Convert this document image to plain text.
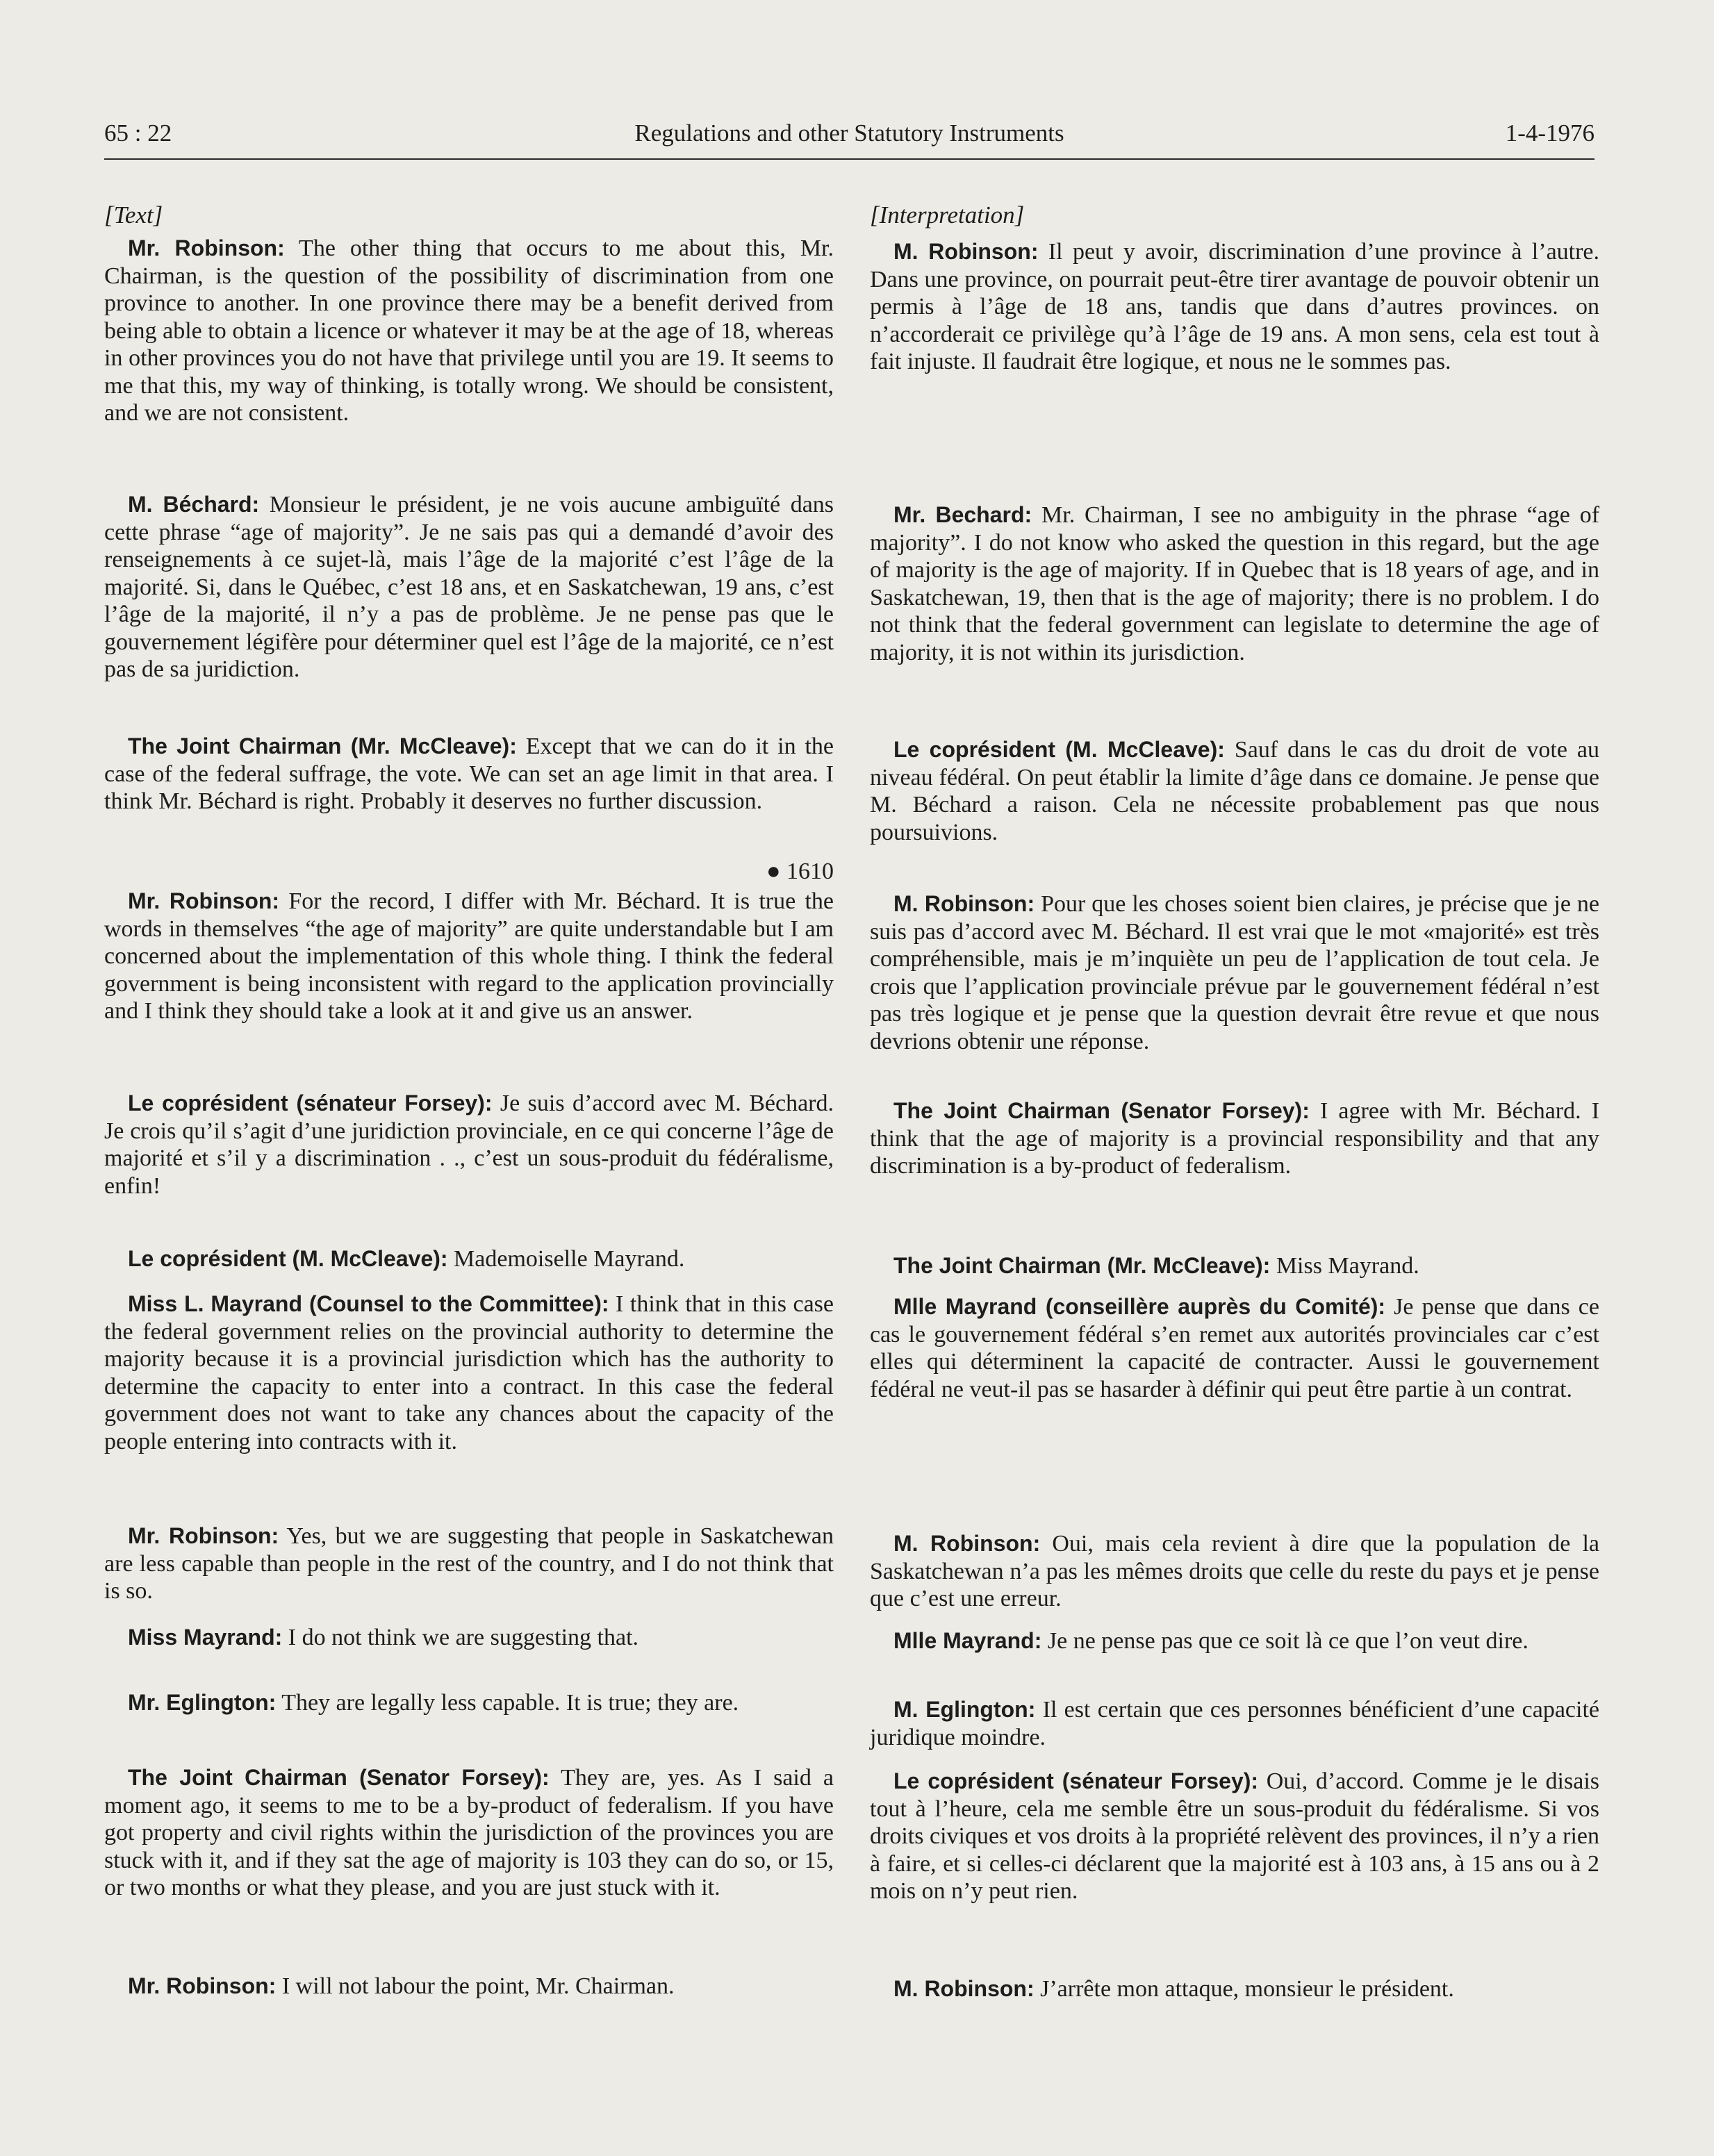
65 : 22	Regulations and other Statutory Instruments	1-4-1976
[Text]
Mr. Robinson: The other thing that occurs to me about this, Mr. Chairman, is the question of the possibility of discrimination from one province to another. In one province there may be a benefit derived from being able to obtain a licence or whatever it may be at the age of 18, whereas in other provinces you do not have that privilege until you are 19. It seems to me that this, my way of thinking, is totally wrong. We should be consistent, and we are not consistent.
M. Béchard: Monsieur le président, je ne vois aucune ambiguïté dans cette phrase “age of majority”. Je ne sais pas qui a demandé d’avoir des renseignements à ce sujet-là, mais l’âge de la majorité c’est l’âge de la majorité. Si, dans le Québec, c’est 18 ans, et en Saskatchewan, 19 ans, c’est l’âge de la majorité, il n’y a pas de problème. Je ne pense pas que le gouvernement légifère pour déterminer quel est l’âge de la majorité, ce n’est pas de sa juridiction.
The Joint Chairman (Mr. McCleave): Except that we can do it in the case of the federal suffrage, the vote. We can set an age limit in that area. I think Mr. Béchard is right. Probably it deserves no further discussion.
● 1610
Mr. Robinson: For the record, I differ with Mr. Béchard. It is true the words in themselves “the age of majority” are quite understandable but I am concerned about the implementation of this whole thing. I think the federal government is being inconsistent with regard to the application provincially and I think they should take a look at it and give us an answer.
Le coprésident (sénateur Forsey): Je suis d’accord avec M. Béchard. Je crois qu’il s’agit d’une juridiction provinciale, en ce qui concerne l’âge de majorité et s’il y a discrimination . ., c’est un sous-produit du fédéralisme, enfin!
Le coprésident (M. McCleave): Mademoiselle Mayrand.
Miss L. Mayrand (Counsel to the Committee): I think that in this case the federal government relies on the provincial authority to determine the majority because it is a provincial jurisdiction which has the authority to determine the capacity to enter into a contract. In this case the federal government does not want to take any chances about the capacity of the people entering into contracts with it.
Mr. Robinson: Yes, but we are suggesting that people in Saskatchewan are less capable than people in the rest of the country, and I do not think that is so.
Miss Mayrand: I do not think we are suggesting that.
Mr. Eglington: They are legally less capable. It is true; they are.
The Joint Chairman (Senator Forsey): They are, yes. As I said a moment ago, it seems to me to be a by-product of federalism. If you have got property and civil rights within the jurisdiction of the provinces you are stuck with it, and if they sat the age of majority is 103 they can do so, or 15, or two months or what they please, and you are just stuck with it.
Mr. Robinson: I will not labour the point, Mr. Chairman.
[Interpretation]
M. Robinson: Il peut y avoir, discrimination d’une province à l’autre. Dans une province, on pourrait peut-être tirer avantage de pouvoir obtenir un permis à l’âge de 18 ans, tandis que dans d’autres provinces. on n’accorderait ce privilège qu’à l’âge de 19 ans. A mon sens, cela est tout à fait injuste. Il faudrait être logique, et nous ne le sommes pas.
Mr. Bechard: Mr. Chairman, I see no ambiguity in the phrase “age of majority”. I do not know who asked the question in this regard, but the age of majority is the age of majority. If in Quebec that is 18 years of age, and in Saskatchewan, 19, then that is the age of majority; there is no problem. I do not think that the federal government can legislate to determine the age of majority, it is not within its jurisdiction.
Le coprésident (M. McCleave): Sauf dans le cas du droit de vote au niveau fédéral. On peut établir la limite d’âge dans ce domaine. Je pense que M. Béchard a raison. Cela ne nécessite probablement pas que nous poursuivions.
M. Robinson: Pour que les choses soient bien claires, je précise que je ne suis pas d’accord avec M. Béchard. Il est vrai que le mot «majorité» est très compréhensible, mais je m’inquiète un peu de l’application de tout cela. Je crois que l’application provinciale prévue par le gouvernement fédéral n’est pas très logique et je pense que la question devrait être revue et que nous devrions obtenir une réponse.
The Joint Chairman (Senator Forsey): I agree with Mr. Béchard. I think that the age of majority is a provincial responsibility and that any discrimination is a by-product of federalism.
The Joint Chairman (Mr. McCleave): Miss Mayrand.
Mlle Mayrand (conseillère auprès du Comité): Je pense que dans ce cas le gouvernement fédéral s’en remet aux autorités provinciales car c’est elles qui déterminent la capacité de contracter. Aussi le gouvernement fédéral ne veut-il pas se hasarder à définir qui peut être partie à un contrat.
M. Robinson: Oui, mais cela revient à dire que la population de la Saskatchewan n’a pas les mêmes droits que celle du reste du pays et je pense que c’est une erreur.
Mlle Mayrand: Je ne pense pas que ce soit là ce que l’on veut dire.
M. Eglington: Il est certain que ces personnes bénéficient d’une capacité juridique moindre.
Le coprésident (sénateur Forsey): Oui, d’accord. Comme je le disais tout à l’heure, cela me semble être un sous-produit du fédéralisme. Si vos droits civiques et vos droits à la propriété relèvent des provinces, il n’y a rien à faire, et si celles-ci déclarent que la majorité est à 103 ans, à 15 ans ou à 2 mois on n’y peut rien.
M. Robinson: J’arrête mon attaque, monsieur le président.
